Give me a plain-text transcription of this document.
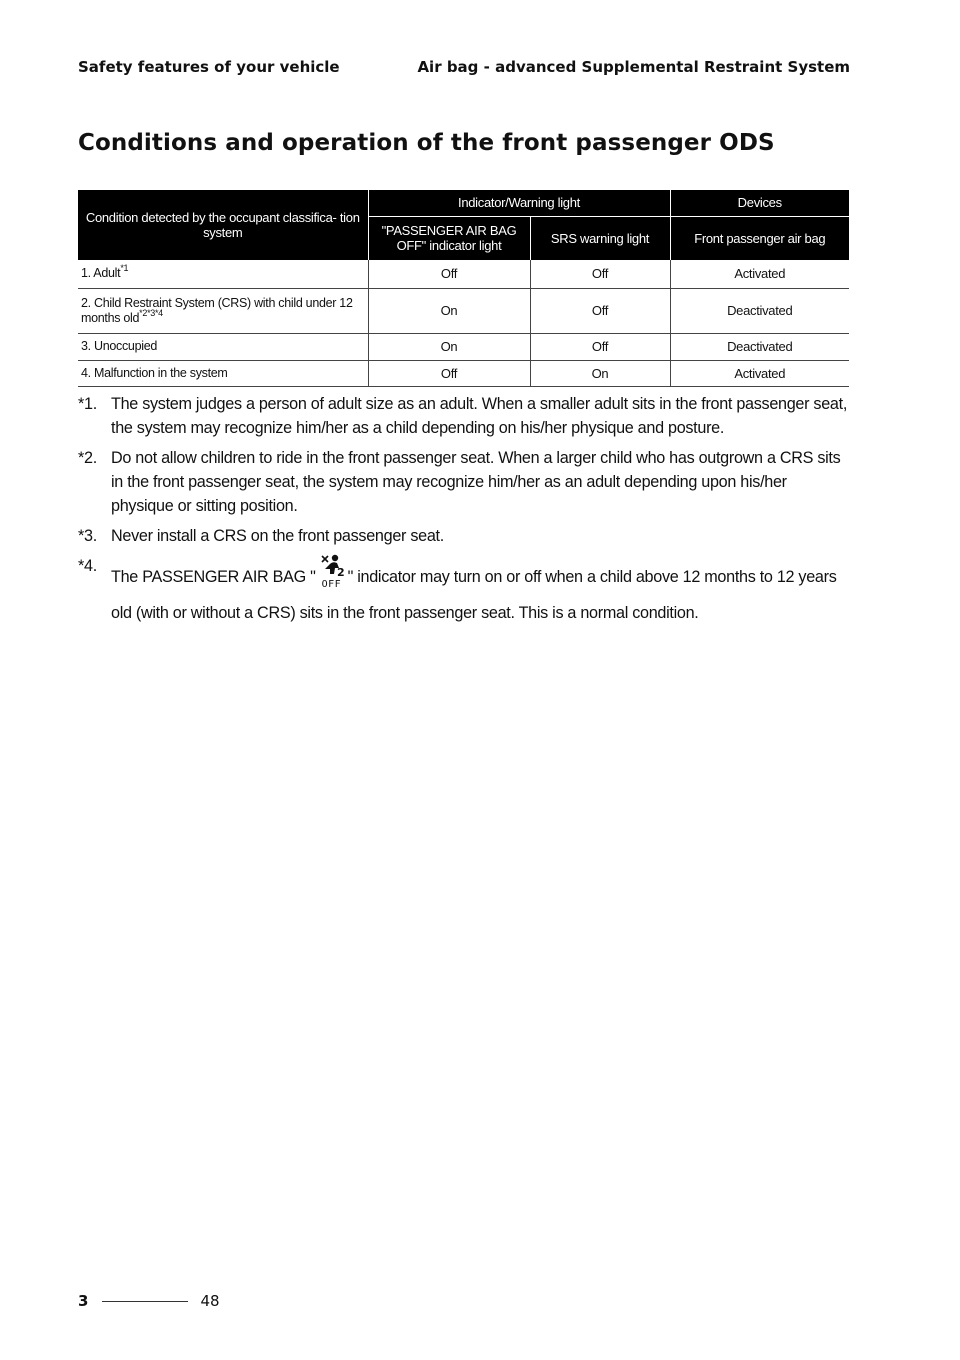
Safety features of your vehicle	Air bag - advanced Supplemental Restraint System
Conditions and operation of the front passenger ODS
Condition detected by the occupant classifica- tion system	Indicator/Warning light		Devices
	"PASSENGER AIR BAG OFF" indicator light	SRS warning light	Front passenger air bag
1. Adult$^{*1}$	Off	Off	Activated
2. Child Restraint System (CRS) with child under 12 months old$^{*2*3*4}$	On	Off	Deactivated
3. Unoccupied	On	Off	Deactivated
4. Malfunction in the system	Off	On	Activated
*1. The system judges a person of adult size as an adult. When a smaller adult sits in the front passenger seat, the system may recognize him/her as a child depending on his/her physique and posture.
*2. Do not allow children to ride in the front passenger seat. When a larger child who has outgrown a CRS sits in the front passenger seat, the system may recognize him/her as an adult depending upon his/her physique or sitting position.
*3. Never install a CRS on the front passenger seat.
*4.
The PASSENGER AIR BAG " 2
OFF " indicator may turn on or off when a child above 12 months to 12 years old (with or without a CRS) sits in the front passenger seat. This is a normal condition.
3	48
